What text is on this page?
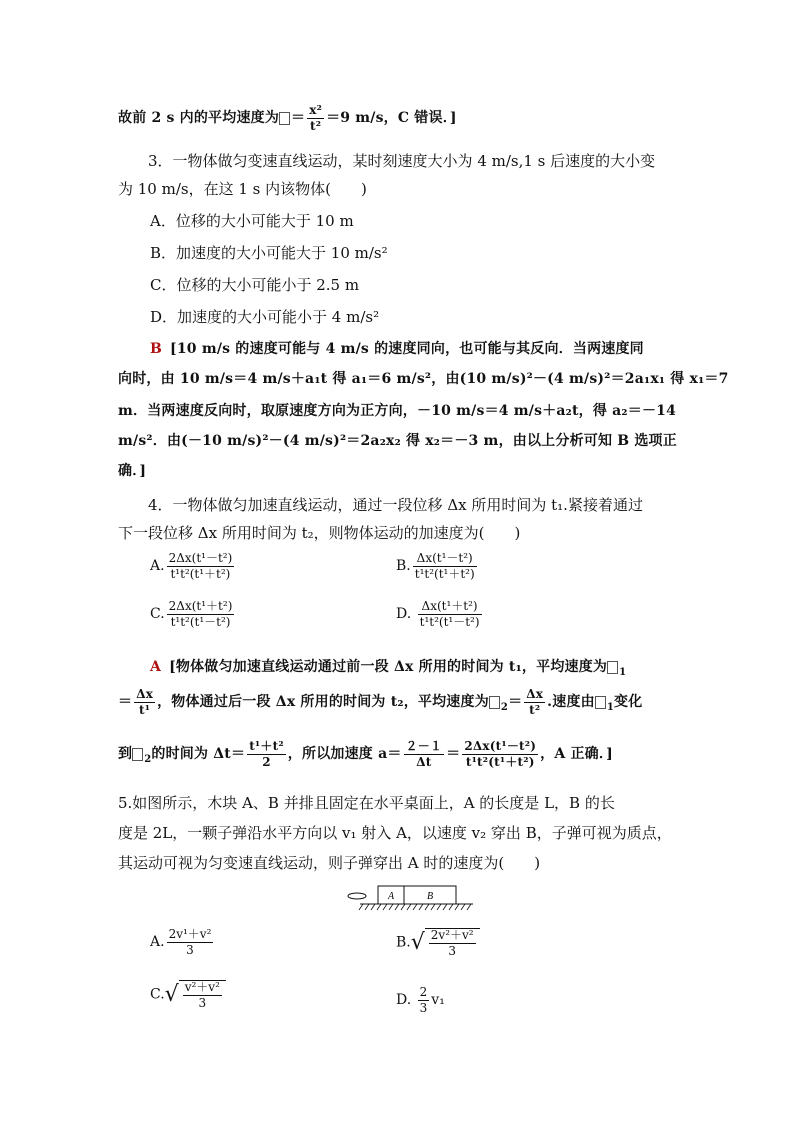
故前 2 s 内的平均速度为 ＝ $\frac{\text{x²}}{\text{t²}} =9$ m/s，C 错误．]
3．一物体做匀变速直线运动，某时刻速度大小为 4 m/s,1 s 后速度的大小变
为 10 m/s，在这 1 s 内该物体(　　)
A．位移的大小可能大于 10 m
B．加速度的大小可能大于 10 m/s²
C．位移的大小可能小于 2.5 m
D．加速度的大小可能小于 4 m/s²
B [10 m/s 的速度可能与 4 m/s 的速度同向，也可能与其反向．当两速度同
向时，由 10 m/s＝4 m/s＋a₁t 得 a₁＝6 m/s²，由(10 m/s)²－(4 m/s)²＝2a₁x₁ 得 x₁＝7
m．当两速度反向时，取原速度方向为正方向，－10 m/s＝4 m/s＋a₂t，得 a₂＝－14
m/s²．由(－10 m/s)²－(4 m/s)²＝2a₂x₂ 得 x₂＝－3 m，由以上分析可知 B 选项正
确．]
4．一物体做匀加速直线运动，通过一段位移 Δx 所用时间为 t₁.紧接着通过
下一段位移 Δx 所用时间为 t₂，则物体运动的加速度为(　　)
A. $\frac{\text{2Δx(t¹－t²)}}{\text{t¹t²(t¹＋t²)}}$	B. $\frac{\text{Δx(t¹－t²)}}{\text{t¹t²(t¹＋t²)}}$
C. $\frac{\text{2Δx(t¹＋t²)}}{\text{t¹t²(t¹－t²)}}$	D. $\frac{\text{Δx(t¹＋t²)}}{\text{t¹t²(t¹－t²)}}$
A [物体做匀加速直线运动通过前一段 Δx 所用的时间为 t₁，平均速度为 $_1$
＝ $\frac{\Delta x}{\text{t¹}}$ ，物体通过后一段 Δx 所用的时间为 t₂，平均速度为 $_2= \frac{\Delta x}{\text{t²}}$ .速度由 $_1$变化
到 $_2$的时间为 $\Delta t= \frac{\text{t¹＋t²}}{2}$ ，所以加速度 $a= \frac{2-1}{\Delta t} = \frac{\text{2Δx(t¹－t²)}}{\text{t¹t²(t¹＋t²)}}$ ，A 正确．]
5.如图所示，木块 A、B 并排且固定在水平桌面上，A 的长度是 L，B 的长
度是 2L，一颗子弹沿水平方向以 v₁ 射入 A，以速度 v₂ 穿出 B，子弹可视为质点，
其运动可视为匀变速直线运动，则子弹穿出 A 时的速度为(　　)
A	B
A. $\frac{\text{2v¹＋v²}}{3}$	$B.√ \frac{\text{2v²＋v²}}{3}$
$C.√ \frac{\text{v²＋v²}}{3}$	D. $\frac{2}{3} v_1$
